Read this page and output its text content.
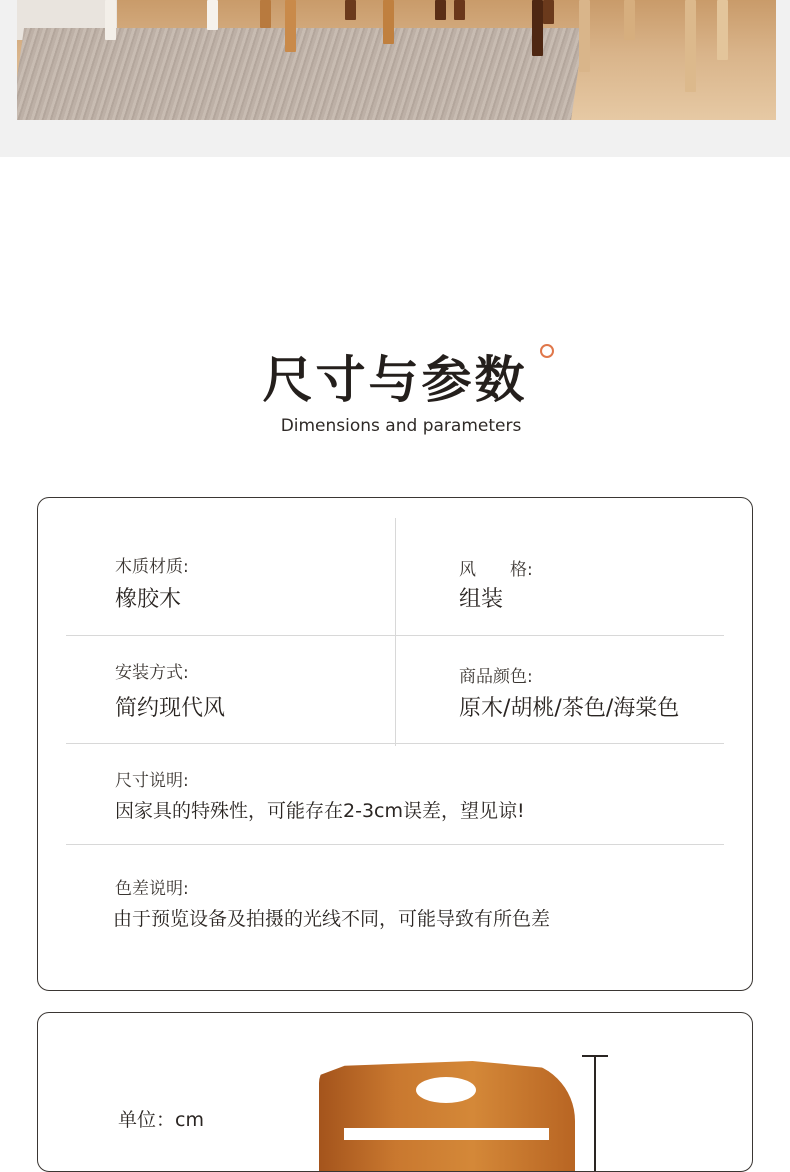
尺寸与参数
Dimensions and parameters
木质材质:
橡胶木
风　　格:
组装
安装方式:
简约现代风
商品颜色:
原木/胡桃/茶色/海棠色
尺寸说明:
因家具的特殊性，可能存在2-3cm误差，望见谅!
色差说明:
由于预览设备及拍摄的光线不同，可能导致有所色差
单位：cm
